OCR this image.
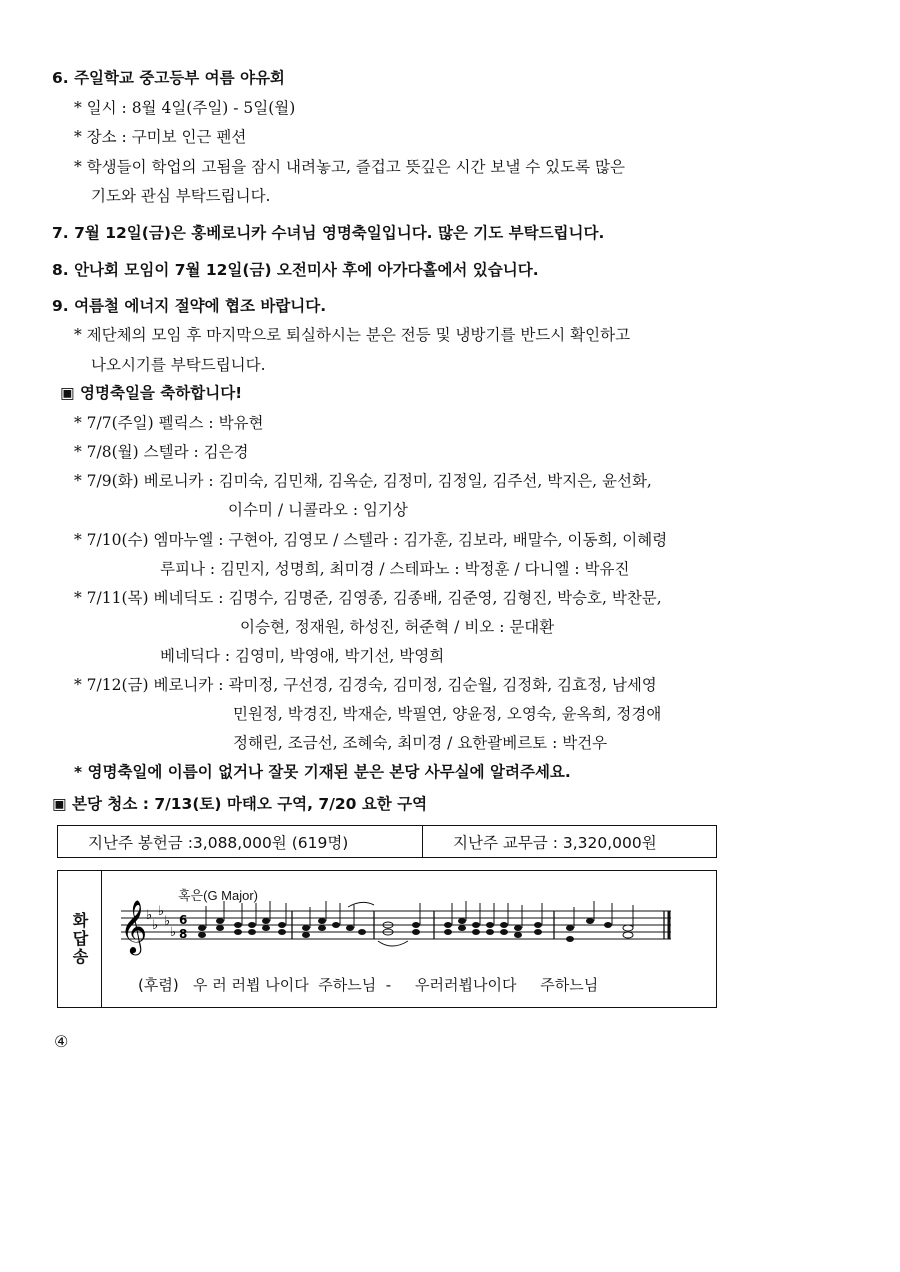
6. 주일학교 중고등부 여름 야유회
* 일시 : 8월 4일(주일) - 5일(월)
* 장소 : 구미보 인근 펜션
* 학생들이 학업의 고됨을 잠시 내려놓고, 즐겁고 뜻깊은 시간 보낼 수 있도록 많은
기도와 관심 부탁드립니다.
7. 7월 12일(금)은 홍베로니카 수녀님 영명축일입니다. 많은 기도 부탁드립니다.
8. 안나회 모임이 7월 12일(금) 오전미사 후에 아가다홀에서 있습니다.
9. 여름철 에너지 절약에 협조 바랍니다.
* 제단체의 모임 후 마지막으로 퇴실하시는 분은 전등 및 냉방기를 반드시 확인하고
나오시기를 부탁드립니다.
▣ 영명축일을 축하합니다!
* 7/7(주일) 펠릭스 : 박유현
* 7/8(월) 스텔라 : 김은경
* 7/9(화) 베로니카 : 김미숙, 김민채, 김옥순, 김정미, 김정일, 김주선, 박지은, 윤선화,
이수미 / 니콜라오 : 임기상
* 7/10(수) 엠마누엘 : 구현아, 김영모 / 스텔라 : 김가훈, 김보라, 배말수, 이동희, 이혜령
루피나 : 김민지, 성명희, 최미경 / 스테파노 : 박정훈 / 다니엘 : 박유진
* 7/11(목) 베네딕도 : 김명수, 김명준, 김영종, 김종배, 김준영, 김형진, 박승호, 박찬문,
이승현, 정재원, 하성진, 허준혁 / 비오 : 문대환
베네딕다 : 김영미, 박영애, 박기선, 박영희
* 7/12(금) 베로니카 : 곽미정, 구선경, 김경숙, 김미정, 김순월, 김정화, 김효정, 남세영
민원정, 박경진, 박재순, 박필연, 양윤정, 오영숙, 윤옥희, 정경애
정해린, 조금선, 조혜숙, 최미경 / 요한괄베르토 : 박건우
* 영명축일에 이름이 없거나 잘못 기재된 분은 본당 사무실에 알려주세요.
▣ 본당 청소 : 7/13(토) 마태오 구역, 7/20 요한 구역
지난주 봉헌금 :3,088,000원 (619명)	지난주 교무금 : 3,320,000원
화답송
혹은(G Major)
𝄞
♭
♭
♭
♭
♭
6
8
(후렴)   우 러 러뵙 나이다  주하느님  -     우러러뵙나이다     주하느님
④
